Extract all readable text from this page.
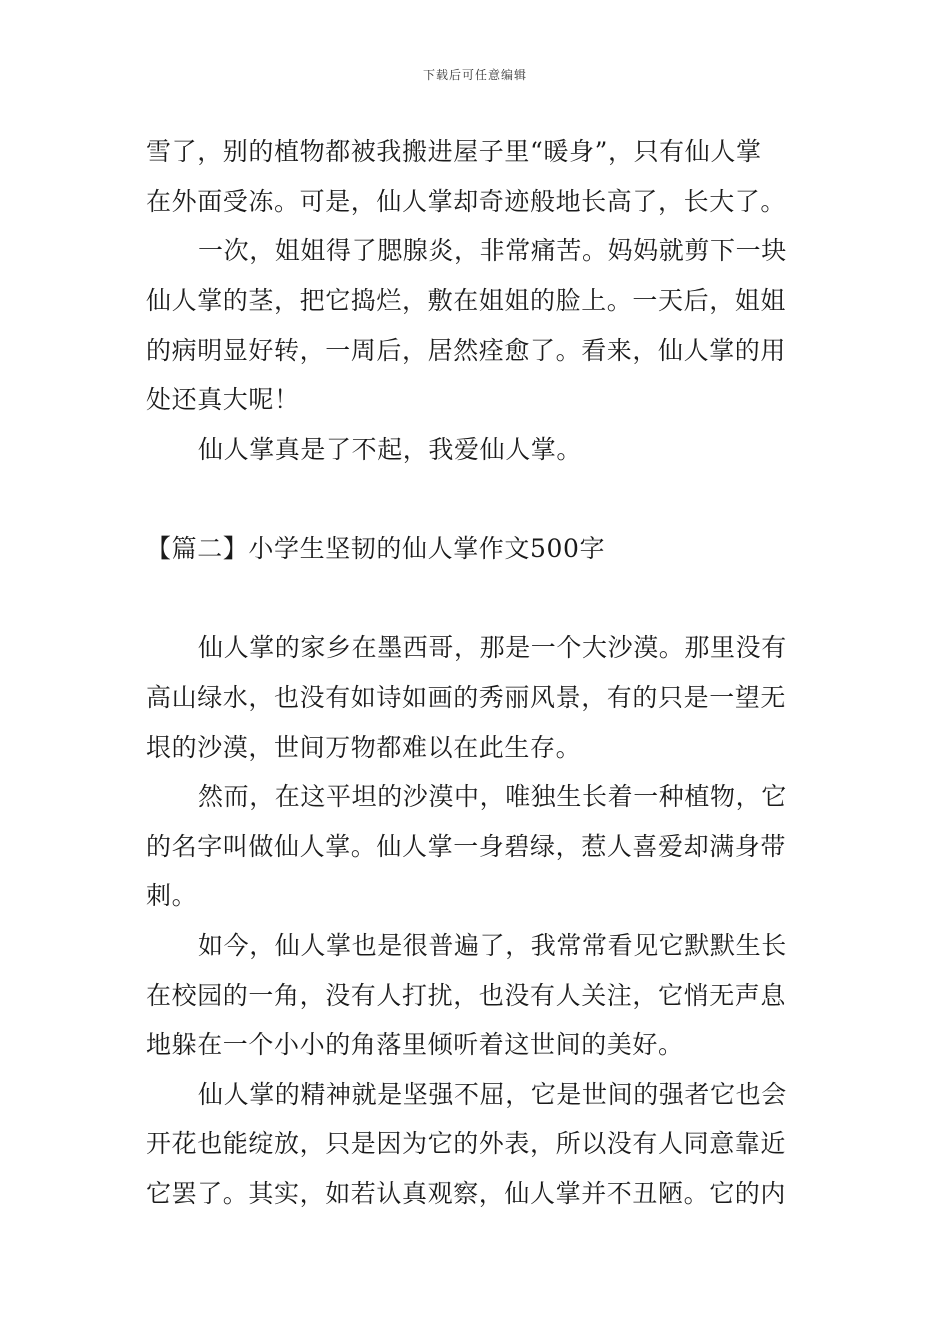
下载后可任意编辑
雪了，别的植物都被我搬进屋子里“暖身”，只有仙人掌
在外面受冻。可是，仙人掌却奇迹般地长高了，长大了。
一次，姐姐得了腮腺炎，非常痛苦。妈妈就剪下一块
仙人掌的茎，把它捣烂，敷在姐姐的脸上。一天后，姐姐
的病明显好转，一周后，居然痊愈了。看来，仙人掌的用
处还真大呢！
仙人掌真是了不起，我爱仙人掌。
【篇二】小学生坚韧的仙人掌作文500字
仙人掌的家乡在墨西哥，那是一个大沙漠。那里没有
高山绿水，也没有如诗如画的秀丽风景，有的只是一望无
垠的沙漠，世间万物都难以在此生存。
然而，在这平坦的沙漠中，唯独生长着一种植物，它
的名字叫做仙人掌。仙人掌一身碧绿，惹人喜爱却满身带
刺。
如今，仙人掌也是很普遍了，我常常看见它默默生长
在校园的一角，没有人打扰，也没有人关注，它悄无声息
地躲在一个小小的角落里倾听着这世间的美好。
仙人掌的精神就是坚强不屈，它是世间的强者它也会
开花也能绽放，只是因为它的外表，所以没有人同意靠近
它罢了。其实，如若认真观察，仙人掌并不丑陋。它的内
